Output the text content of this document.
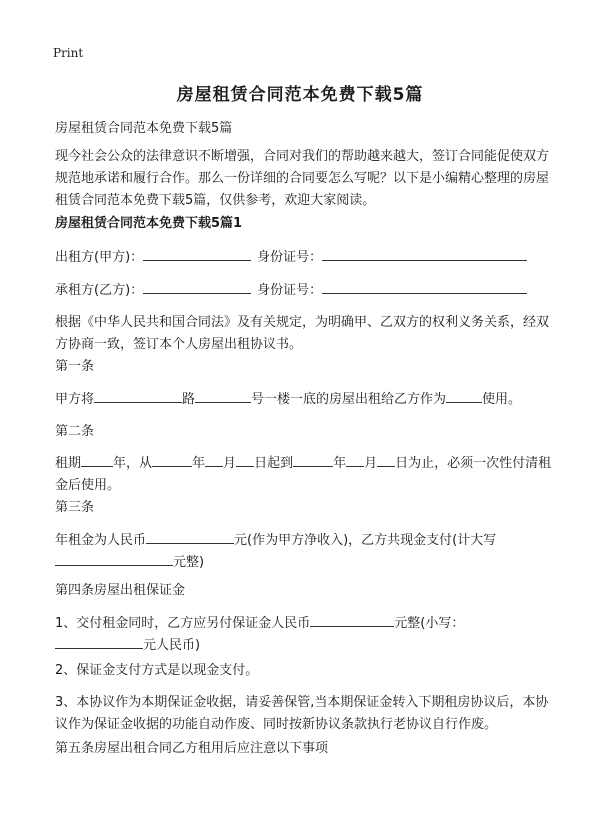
Print
房屋租赁合同范本免费下载5篇
房屋租赁合同范本免费下载5篇
现今社会公众的法律意识不断增强，合同对我们的帮助越来越大，签订合同能促使双方规范地承诺和履行合作。那么一份详细的合同要怎么写呢？以下是小编精心整理的房屋租赁合同范本免费下载5篇，仅供参考，欢迎大家阅读。
房屋租赁合同范本免费下载5篇1
出租方(甲方)：	身份证号：
承租方(乙方)：	身份证号：
根据《中华人民共和国合同法》及有关规定，为明确甲、乙双方的权利义务关系，经双方协商一致，签订本个人房屋出租协议书。
第一条
甲方将	路	号一楼一底的房屋出租给乙方作为	使用。
第二条
租期 年，从	年 月 日起到	年 月 日为止，必须一次性付清租金后使用。
第三条
年租金为人民币	元(作为甲方净收入)，乙方共现金支付(计大写
元整)
第四条房屋出租保证金
1、交付租金同时，乙方应另付保证金人民币	元整(小写：
元人民币)
2、保证金支付方式是以现金支付。
3、本协议作为本期保证金收据，请妥善保管,当本期保证金转入下期租房协议后，本协议作为保证金收据的功能自动作废、同时按新协议条款执行老协议自行作废。
第五条房屋出租合同乙方租用后应注意以下事项
